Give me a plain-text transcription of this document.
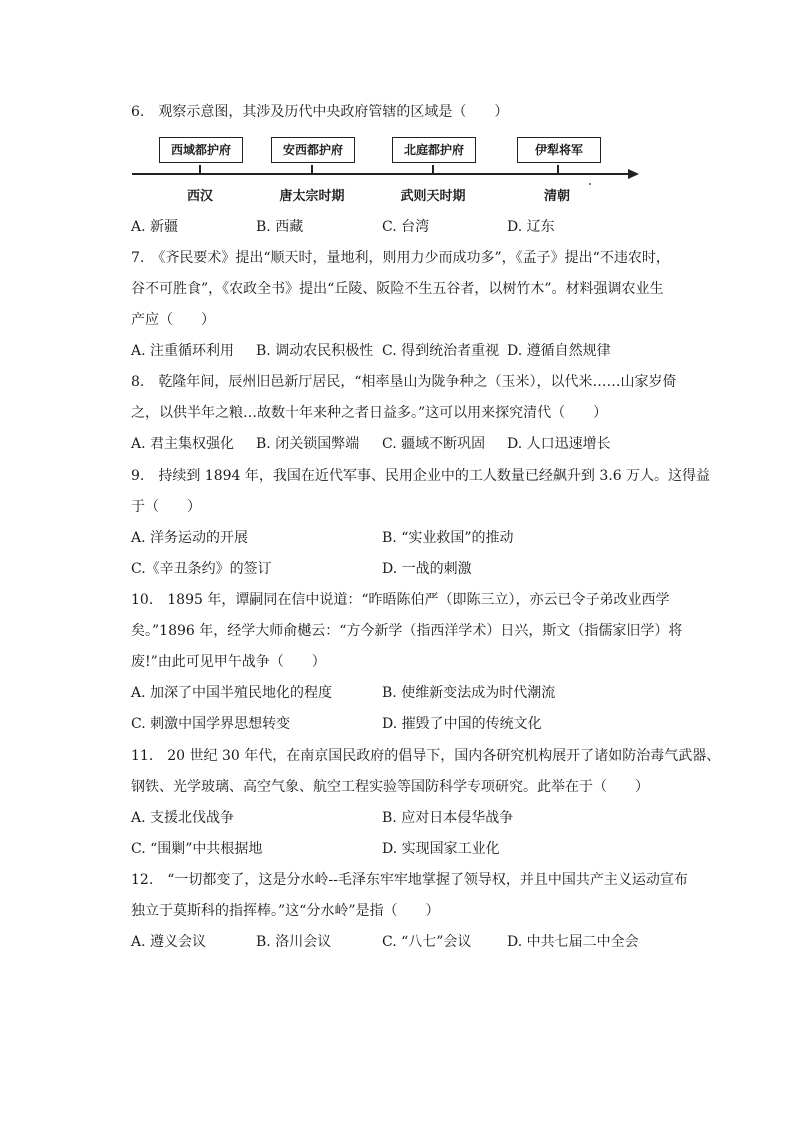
6.　观察示意图，其涉及历代中央政府管辖的区域是（　　）
西域都护府	安西都护府	北庭都护府	伊犁将军
西汉	唐太宗时期	武则天时期	清朝
A. 新疆	B. 西藏	C. 台湾	D. 辽东
7.　《齐民要术》提出“顺天时，量地利，则用力少而成功多”，《孟子》提出“不违农时，
谷不可胜食”，《农政全书》提出“丘陵、阪险不生五谷者，以树竹木”。材料强调农业生
产应（　　）
A. 注重循环利用 B. 调动农民积极性 C. 得到统治者重视 D. 遵循自然规律
8.　乾隆年间，辰州旧邑新厅居民，“相率垦山为陇争种之（玉米），以代米……山家岁倚
之，以供半年之粮…故数十年来种之者日益多。”这可以用来探究清代（　　）
A. 君主集权强化 B. 闭关锁国弊端 C. 疆域不断巩固 D. 人口迅速增长
9.　持续到 1894 年，我国在近代军事、民用企业中的工人数量已经飙升到 3.6 万人。这得益
于（　　）
A. 洋务运动的开展	B. “实业救国”的推动
C.《辛丑条约》的签订	D. 一战的刺激
10.　1895 年，谭嗣同在信中说道：“昨晤陈伯严（即陈三立），亦云已令子弟改业西学
矣。”1896 年，经学大师俞樾云：“方今新学（指西洋学术）日兴，斯文（指儒家旧学）将
废!”由此可见甲午战争（　　）
A. 加深了中国半殖民地化的程度	B. 使维新变法成为时代潮流
C. 刺激中国学界思想转变	D. 摧毁了中国的传统文化
11.　20 世纪 30 年代，在南京国民政府的倡导下，国内各研究机构展开了诸如防治毒气武器、
钢铁、光学玻璃、高空气象、航空工程实验等国防科学专项研究。此举在于（　　）
A. 支援北伐战争	B. 应对日本侵华战争
C. “围剿”中共根据地	D. 实现国家工业化
12.　“一切都变了，这是分水岭--毛泽东牢牢地掌握了领导权，并且中国共产主义运动宣布
独立于莫斯科的指挥棒。”这“分水岭”是指（　　）
A. 遵义会议	B. 洛川会议	C. “八七”会议	D. 中共七届二中全会
